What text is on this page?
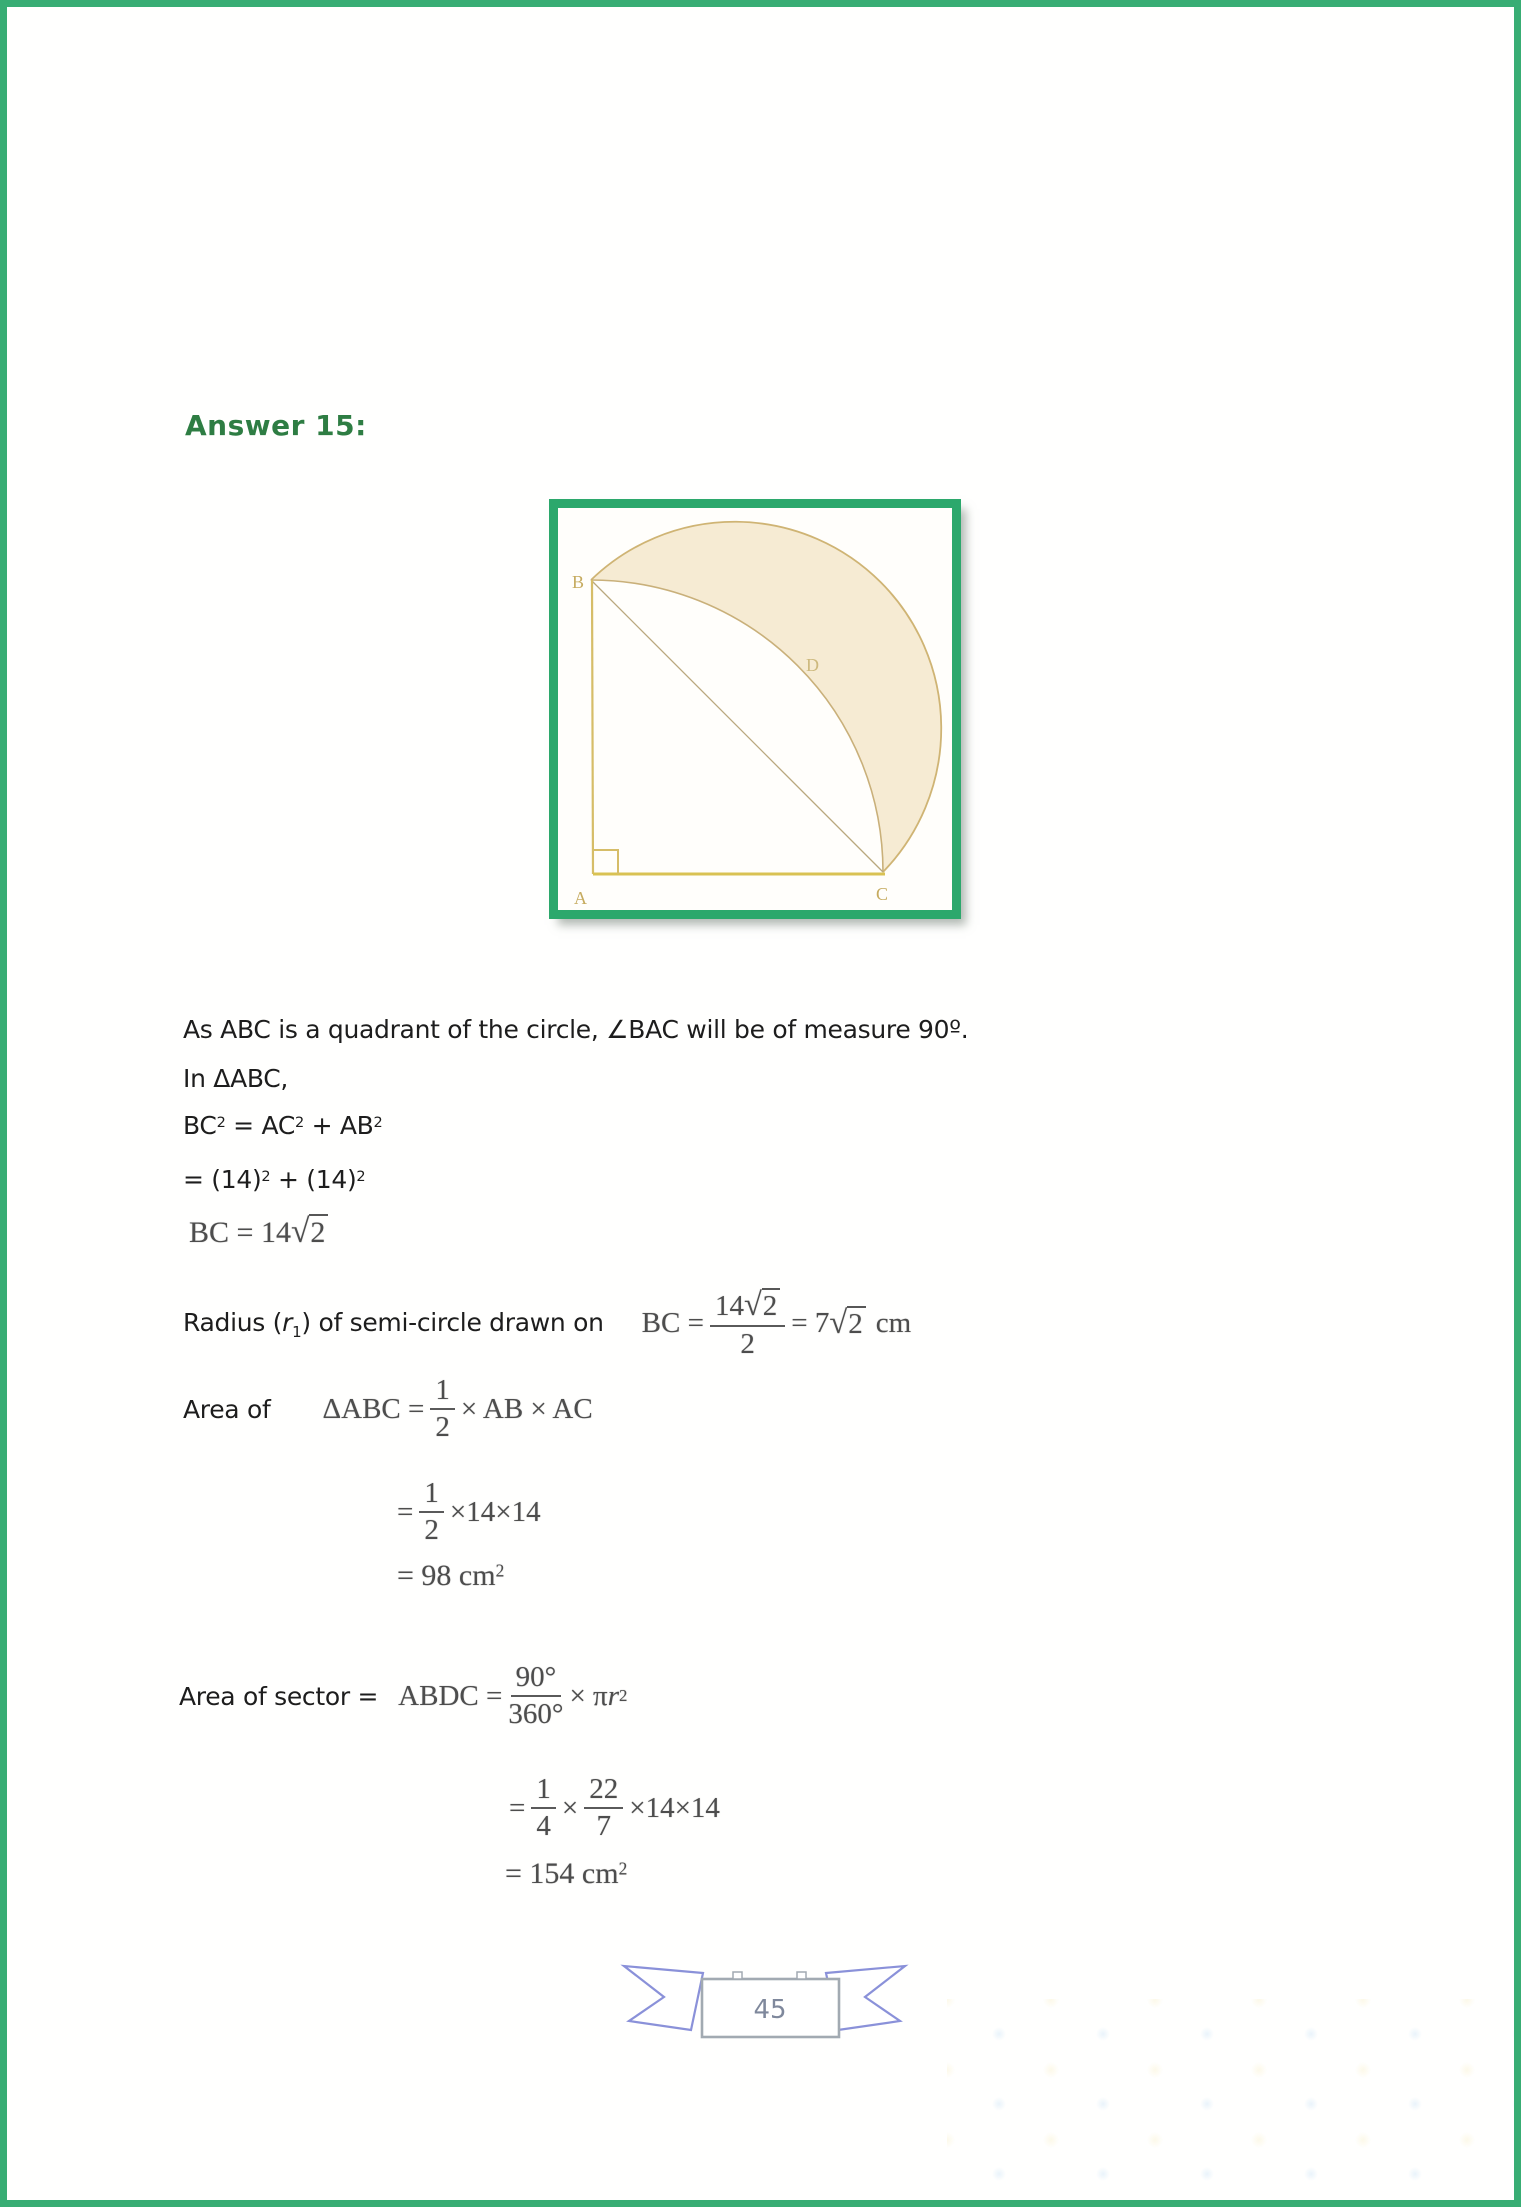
Answer 15:
B
A	C
D
As ABC is a quadrant of the circle, ∠BAC will be of measure 90º.
In ΔABC,
$BC^2 = AC^2 + AB^2$
= $(14)^2 + (14)^2$
BC = 14√2
Radius $(r_1)$ of semi-circle drawn on BC = $\frac{14√2}{2} = 7$ √2 cm
Area of $\Delta ABC = \frac{1}{2}$ × AB × AC
= $\frac{1}{2} \times 14\times 14$
= 98 $cm^2$
Area of sector = ABDC = $\frac{90^\circ}{360^\circ} \times \pi$ r 2
= $\frac{1}{4} \times \frac{22}{7} \times 14\times 14$
= 154 $cm^2$
45
